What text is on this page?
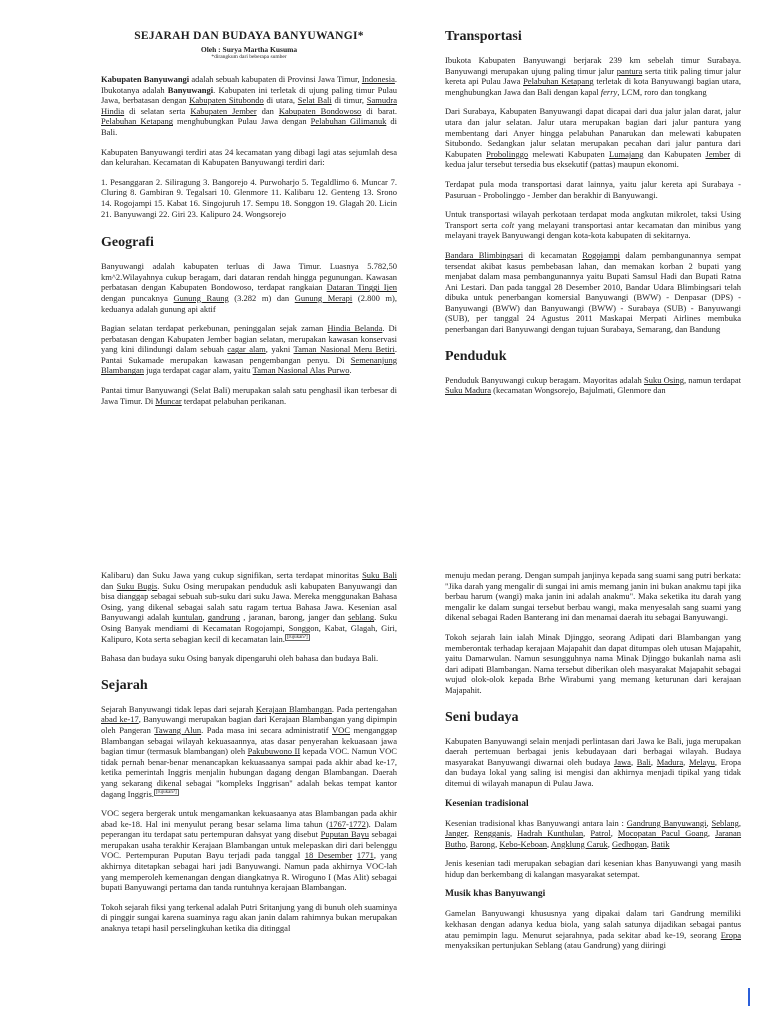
SEJARAH DAN BUDAYA BANYUWANGI*
Oleh : Surya Martha Kusuma
*dirangkum dari beberapa sumber

Kabupaten Banyuwangi adalah sebuah kabupaten di Provinsi Jawa Timur, Indonesia. Ibukotanya adalah Banyuwangi. Kabupaten ini terletak di ujung paling timur Pulau Jawa, berbatasan dengan Kabupaten Situbondo di utara, Selat Bali di timur, Samudra Hindia di selatan serta Kabupaten Jember dan Kabupaten Bondowoso di barat. Pelabuhan Ketapang menghubungkan Pulau Jawa dengan Pelabuhan Gilimanuk di Bali.

Kabupaten Banyuwangi terdiri atas 24 kecamatan yang dibagi lagi atas sejumlah desa dan kelurahan. Kecamatan di Kabupaten Banyuwangi terdiri dari:

1. Pesanggaran 2. Siliragung 3. Bangorejo 4. Purwoharjo 5. Tegaldlimo 6. Muncar 7. Cluring 8. Gambiran 9. Tegalsari 10. Glenmore 11. Kalibaru 12. Genteng 13. Srono 14. Rogojampi 15. Kabat 16. Singojuruh 17. Sempu 18. Songgon 19. Glagah 20. Licin 21. Banyuwangi 22. Giri 23. Kalipuro 24. Wongsorejo

Geografi

Banyuwangi adalah kabupaten terluas di Jawa Timur. Luasnya 5.782,50 km^2.Wilayahnya cukup beragam, dari dataran rendah hingga pegunungan. Kawasan perbatasan dengan Kabupaten Bondowoso, terdapat rangkaian Dataran Tinggi Ijen dengan puncaknya Gunung Raung (3.282 m) dan Gunung Merapi (2.800 m), keduanya adalah gunung api aktif

Bagian selatan terdapat perkebunan, peninggalan sejak zaman Hindia Belanda. Di perbatasan dengan Kabupaten Jember bagian selatan, merupakan kawasan konservasi yang kini dilindungi dalam sebuah cagar alam, yakni Taman Nasional Meru Betiri. Pantai Sukamade merupakan kawasan pengembangan penyu. Di Semenanjung Blambangan juga terdapat cagar alam, yaitu Taman Nasional Alas Purwo.

Pantai timur Banyuwangi (Selat Bali) merupakan salah satu penghasil ikan terbesar di Jawa Timur. Di Muncar terdapat pelabuhan perikanan.

Transportasi

Ibukota Kabupaten Banyuwangi berjarak 239 km sebelah timur Surabaya. Banyuwangi merupakan ujung paling timur jalur pantura serta titik paling timur jalur kereta api Pulau Jawa Pelabuhan Ketapang terletak di kota Banyuwangi bagian utara, menghubungkan Jawa dan Bali dengan kapal ferry, LCM, roro dan tongkang

Dari Surabaya, Kabupaten Banyuwangi dapat dicapai dari dua jalur jalan darat, jalur utara dan jalur selatan. Jalur utara merupakan bagian dari jalur pantura yang membentang dari Anyer hingga pelabuhan Panarukan dan melewati kabupaten Situbondo. Sedangkan jalur selatan merupakan pecahan dari jalur pantura dari Kabupaten Probolinggo melewati Kabupaten Lumajang dan Kabupaten Jember di kedua jalur tersebut tersedia bus eksekutif (pattas) maupun ekonomi.

Terdapat pula moda transportasi darat lainnya, yaitu jalur kereta api Surabaya - Pasuruan - Probolinggo - Jember dan berakhir di Banyuwangi.

Untuk transportasi wilayah perkotaan terdapat moda angkutan mikrolet, taksi Using Transport serta colt yang melayani transportasi antar kecamatan dan minibus yang melayani trayek Banyuwangi dengan kota-kota kabupaten di sekitarnya.

Bandara Blimbingsari di kecamatan Rogojampi dalam pembangunannya sempat tersendat akibat kasus pembebasan lahan, dan memakan korban 2 bupati yang menjabat dalam masa pembangunannya yaitu Bupati Samsul Hadi dan Bupati Ratna Ani Lestari. Dan pada tanggal 28 Desember 2010, Bandar Udara Blimbingsari telah dibuka untuk penerbangan komersial Banyuwangi (BWW) - Denpasar (DPS) - Banyuwangi (BWW) dan Banyuwangi (BWW) - Surabaya (SUB) - Banyuwangi (SUB), per tanggal 24 Agustus 2011 Maskapai Merpati Airlines membuka penerbangan dari Banyuwangi dengan tujuan Surabaya, Semarang, dan Bandung

Penduduk

Penduduk Banyuwangi cukup beragam. Mayoritas adalah Suku Osing, namun terdapat Suku Madura (kecamatan Wongsorejo, Bajulmati, Glenmore dan

Kalibaru) dan Suku Jawa yang cukup signifikan, serta terdapat minoritas Suku Bali dan Suku Bugis. Suku Osing merupakan penduduk asli kabupaten Banyuwangi dan bisa dianggap sebagai sebuah sub-suku dari suku Jawa. Mereka menggunakan Bahasa Osing, yang dikenal sebagai salah satu ragam tertua Bahasa Jawa. Kesenian asal Banyuwangi adalah kuntulan, gandrung , jaranan, barong, janger dan seblang. Suku Osing Banyak mendiami di Kecamatan Rogojampi, Songgon, Kabat, Glagah, Giri, Kalipuro, Kota serta sebagian kecil di kecamatan lain. [rujukan?]

Bahasa dan budaya suku Osing banyak dipengaruhi oleh bahasa dan budaya Bali.

Sejarah

Sejarah Banyuwangi tidak lepas dari sejarah Kerajaan Blambangan. Pada pertengahan abad ke-17, Banyuwangi merupakan bagian dari Kerajaan Blambangan yang dipimpin oleh Pangeran Tawang Alun. Pada masa ini secara administratif VOC menganggap Blambangan sebagai wilayah kekuasaannya, atas dasar penyerahan kekuasaan jawa bagian timur (termasuk blambangan) oleh Pakubuwono II kepada VOC. Namun VOC tidak pernah benar-benar menancapkan kekuasaanya sampai pada akhir abad ke-17, ketika pemerintah Inggris menjalin hubungan dagang dengan Blambangan. Daerah yang sekarang dikenal sebagai "kompleks Inggrisan" adalah bekas tempat kantor dagang Inggris. [rujukan?]

VOC segera bergerak untuk mengamankan kekuasaanya atas Blambangan pada akhir abad ke-18. Hal ini menyulut perang besar selama lima tahun (1767-1772). Dalam peperangan itu terdapat satu pertempuran dahsyat yang disebut Puputan Bayu sebagai merupakan usaha terakhir Kerajaan Blambangan untuk melepaskan diri dari belenggu VOC. Pertempuran Puputan Bayu terjadi pada tanggal 18 Desember 1771, yang akhirnya ditetapkan sebagai hari jadi Banyuwangi. Namun pada akhirnya VOC-lah yang memperoleh kemenangan dengan diangkatnya R. Wiroguno I (Mas Alit) sebagai bupati Banyuwangi pertama dan tanda runtuhnya kerajaan Blambangan.

Tokoh sejarah fiksi yang terkenal adalah Putri Sritanjung yang di bunuh oleh suaminya di pinggir sungai karena suaminya ragu akan janin dalam rahimnya bukan merupakan anaknya tetapi hasil perselingkuhan ketika dia ditinggal

menuju medan perang. Dengan sumpah janjinya kepada sang suami sang putri berkata: "Jika darah yang mengalir di sungai ini amis memang janin ini bukan anakmu tapi jika berbau harum (wangi) maka janin ini adalah anakmu". Maka seketika itu darah yang mengalir ke dalam sungai tersebut berbau wangi, maka menyesalah sang suami yang dikenal sebagai Raden Banterang ini dan menamai daerah itu sebagai Banyuwangi.

Tokoh sejarah lain ialah Minak Djinggo, seorang Adipati dari Blambangan yang memberontak terhadap kerajaan Majapahit dan dapat ditumpas oleh utusan Majapahit, yaitu Damarwulan. Namun sesungguhnya nama Minak Djinggo bukanlah nama asli dari adipati Blambangan. Nama tersebut diberikan oleh masyarakat Majapahit sebagai wujud olok-olok kepada Brhe Wirabumi yang memang keturunan dari kerajaan Majapahit.

Seni budaya

Kabupaten Banyuwangi selain menjadi perlintasan dari Jawa ke Bali, juga merupakan daerah pertemuan berbagai jenis kebudayaan dari berbagai wilayah. Budaya masyarakat Banyuwangi diwarnai oleh budaya Jawa, Bali, Madura, Melayu, Eropa dan budaya lokal yang saling isi mengisi dan akhirnya menjadi tipikal yang tidak ditemui di wilayah manapun di Pulau Jawa.

Kesenian tradisional

Kesenian tradisional khas Banyuwangi antara lain : Gandrung Banyuwangi, Seblang, Janger, Rengganis, Hadrah Kunthulan, Patrol, Mocopatan Pacul Goang, Jaranan Butho, Barong, Kebo-Keboan, Angklung Caruk, Gedhogan, Batik

Jenis kesenian tadi merupakan sebagian dari kesenian khas Banyuwangi yang masih hidup dan berkembang di kalangan masyarakat setempat.

Musik khas Banyuwangi

Gamelan Banyuwangi khususnya yang dipakai dalam tari Gandrung memiliki kekhasan dengan adanya kedua biola, yang salah satunya dijadikan sebagai pantus atau pemimpin lagu. Menurut sejarahnya, pada sekitar abad ke-19, seorang Eropa menyaksikan pertunjukan Seblang (atau Gandrung) yang diiringi
